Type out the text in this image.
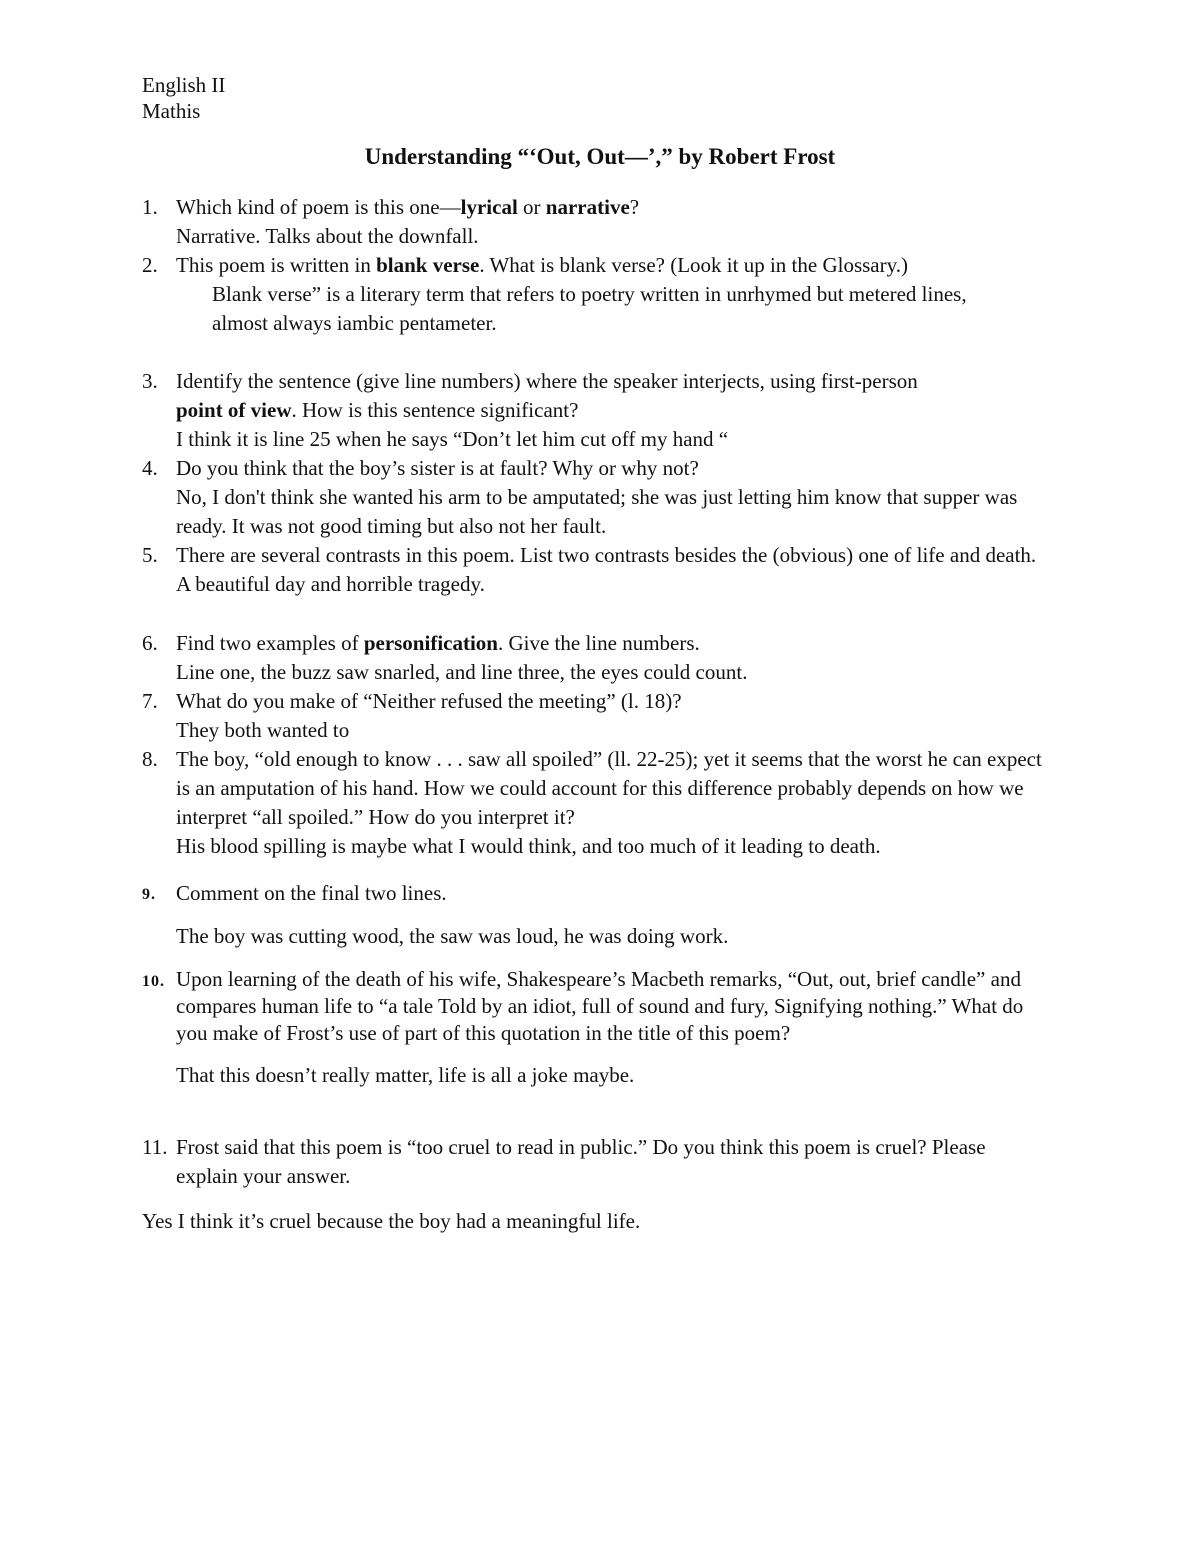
English II
Mathis
Understanding “‘Out, Out—’,” by Robert Frost
1. Which kind of poem is this one—lyrical or narrative?
Narrative. Talks about the downfall.
2. This poem is written in blank verse. What is blank verse? (Look it up in the Glossary.)
Blank verse” is a literary term that refers to poetry written in unrhymed but metered lines,
almost always iambic pentameter.
3. Identify the sentence (give line numbers) where the speaker interjects, using first-person
point of view. How is this sentence significant?
I think it is line 25 when he says “Don’t let him cut off my hand “
4. Do you think that the boy’s sister is at fault? Why or why not?
No, I don't think she wanted his arm to be amputated; she was just letting him know that supper was ready. It was not good timing but also not her fault.
5. There are several contrasts in this poem. List two contrasts besides the (obvious) one of life and death.
A beautiful day and horrible tragedy.
6. Find two examples of personification. Give the line numbers.
Line one, the buzz saw snarled, and line three, the eyes could count.
7. What do you make of “Neither refused the meeting” (l. 18)?
They both wanted to
8. The boy, “old enough to know . . . saw all spoiled” (ll. 22-25); yet it seems that the worst he can expect is an amputation of his hand. How we could account for this difference probably depends on how we interpret “all spoiled.” How do you interpret it?
His blood spilling is maybe what I would think, and too much of it leading to death.
9. Comment on the final two lines.
The boy was cutting wood, the saw was loud, he was doing work.
10. Upon learning of the death of his wife, Shakespeare’s Macbeth remarks, “Out, out, brief candle” and compares human life to “a tale Told by an idiot, full of sound and fury, Signifying nothing.” What do you make of Frost’s use of part of this quotation in the title of this poem?
That this doesn’t really matter, life is all a joke maybe.
11. Frost said that this poem is “too cruel to read in public.” Do you think this poem is cruel? Please explain your answer.
Yes I think it’s cruel because the boy had a meaningful life.
